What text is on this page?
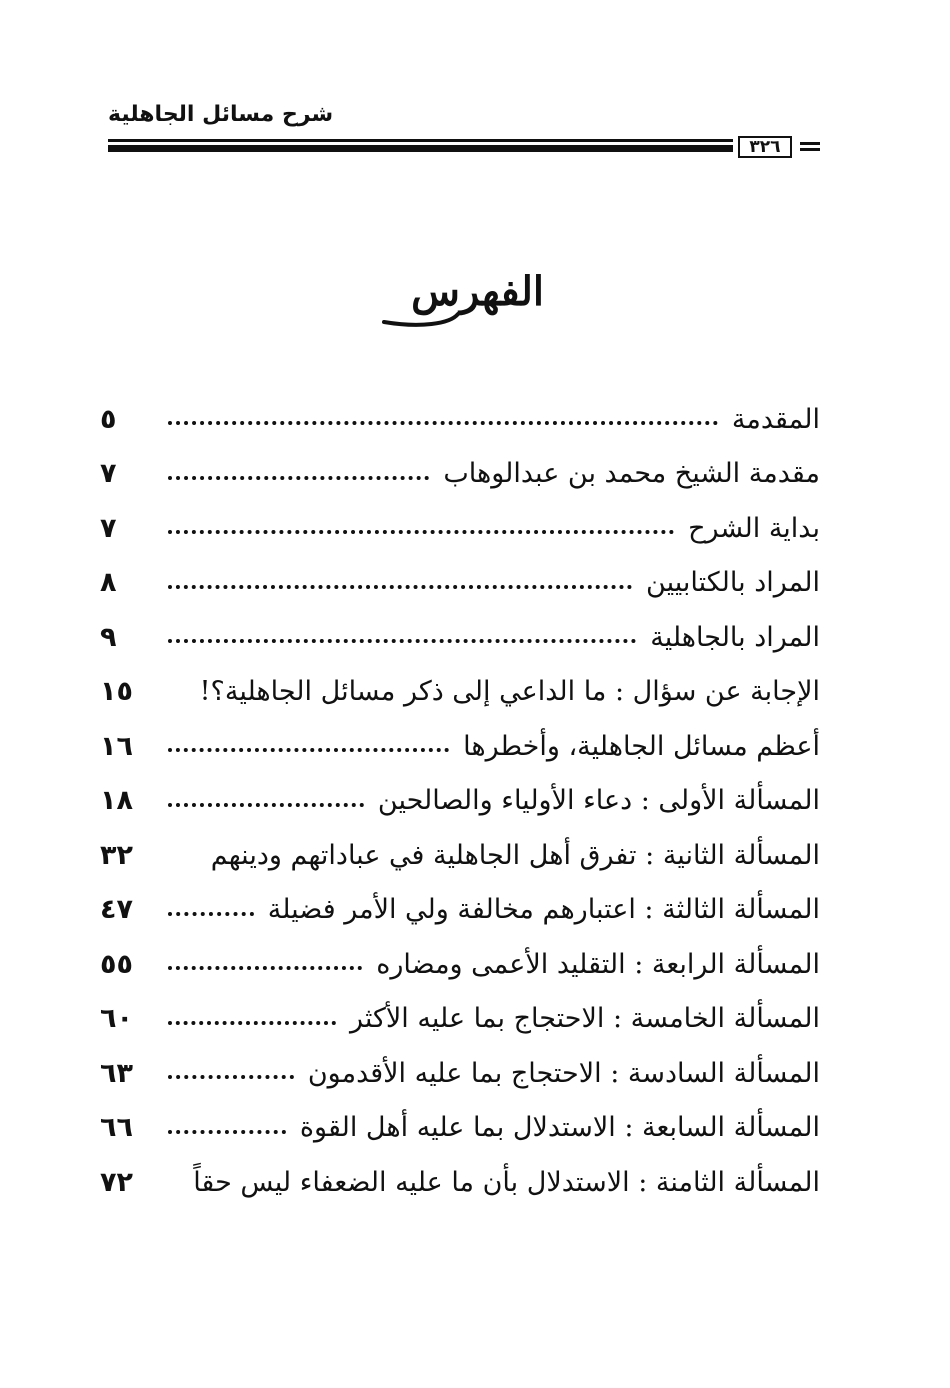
شرح مسائل الجاهلية
٣٢٦
الفهرس
المقدمة
٥
مقدمة الشيخ محمد بن عبدالوهاب
٧
بداية الشرح
٧
المراد بالكتابيين
٨
المراد بالجاهلية
٩
الإجابة عن سؤال : ما الداعي إلى ذكر مسائل الجاهلية؟!
١٥
أعظم مسائل الجاهلية، وأخطرها
١٦
المسألة الأولى : دعاء الأولياء والصالحين
١٨
المسألة الثانية : تفرق أهل الجاهلية في عباداتهم ودينهم
٣٢
المسألة الثالثة : اعتبارهم مخالفة ولي الأمر فضيلة
٤٧
المسألة الرابعة : التقليد الأعمى ومضاره
٥٥
المسألة الخامسة : الاحتجاج بما عليه الأكثر
٦٠
المسألة السادسة : الاحتجاج بما عليه الأقدمون
٦٣
المسألة السابعة : الاستدلال بما عليه أهل القوة
٦٦
المسألة الثامنة : الاستدلال بأن ما عليه الضعفاء ليس حقاً
٧٢
